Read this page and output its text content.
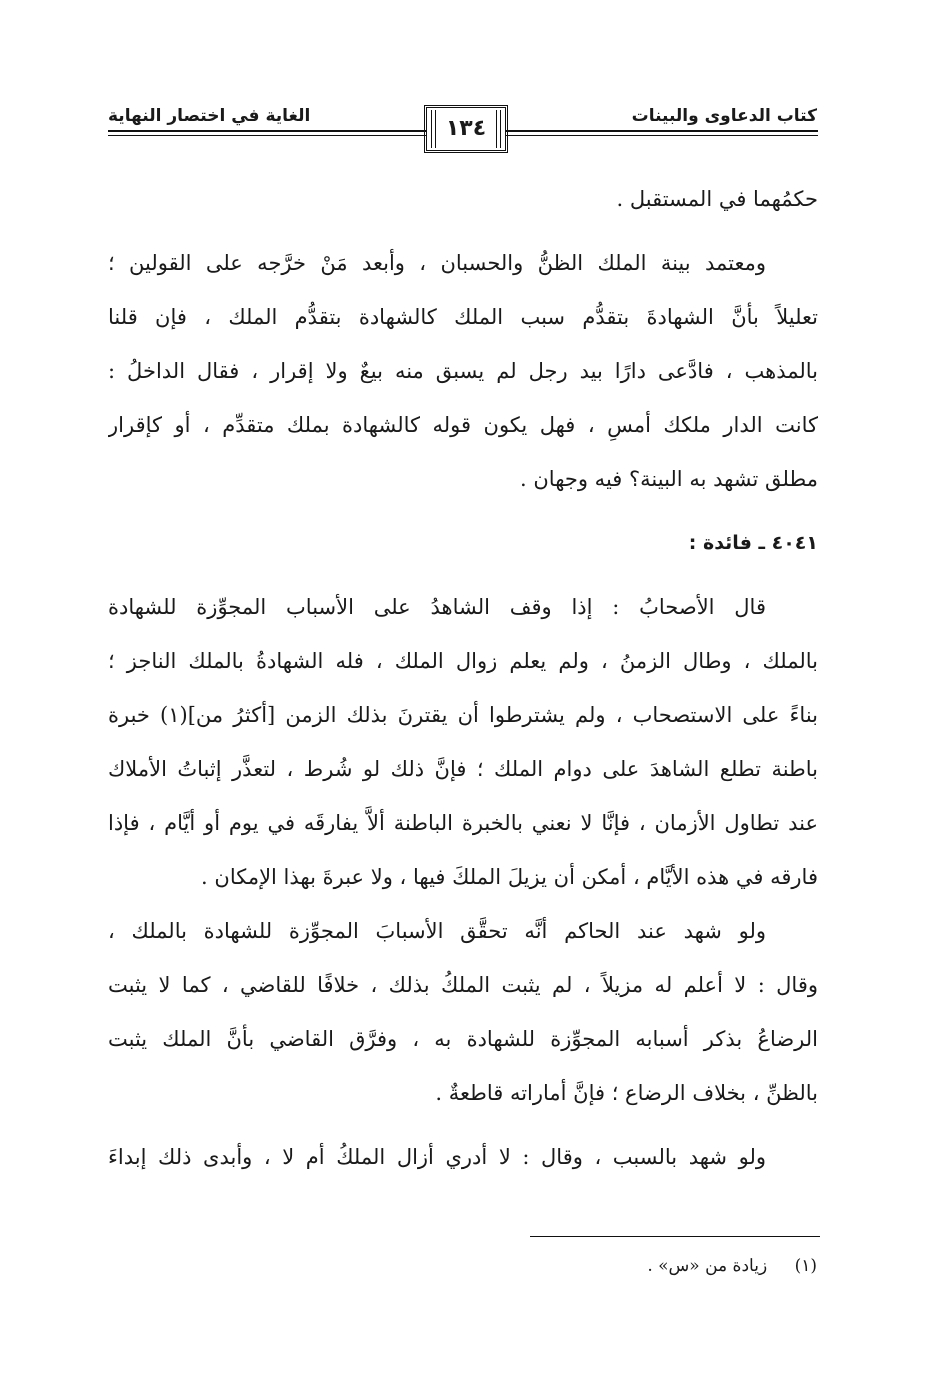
كتاب الدعاوى والبينات
الغاية في اختصار النهاية	١٣٤
حكمُهما في المستقبل .
ومعتمد بينة الملك الظنُّ والحسبان ، وأبعد مَنْ خرَّجه على القولين ؛
تعليلاً بأنَّ الشهادةَ بتقدُّم سبب الملك كالشهادة بتقدُّم الملك ، فإن قلنا
بالمذهب ، فادَّعى دارًا بيد رجل لم يسبق منه بيعٌ ولا إقرار ، فقال الداخلُ :
كانت الدار ملكك أمسِ ، فهل يكون قوله كالشهادة بملك متقدِّم ، أو كإقرار
مطلق تشهد به البينة؟ فيه وجهان .
٤٠٤١ ـ فائدة :
قال الأصحابُ : إذا وقف الشاهدُ على الأسباب المجوِّزة للشهادة
بالملك ، وطال الزمنُ ، ولم يعلم زوال الملك ، فله الشهادةُ بالملك الناجز ؛
بناءً على الاستصحاب ، ولم يشترطوا أن يقترنَ بذلك الزمن [أكثرُ من](١) خبرة
باطنة تطلع الشاهدَ على دوام الملك ؛ فإنَّ ذلك لو شُرط ، لتعذَّر إثباتُ الأملاك
عند تطاول الأزمان ، فإنَّا لا نعني بالخبرة الباطنة ألاَّ يفارقَه في يوم أو أيَّام ، فإذا
فارقه في هذه الأيَّام ، أمكن أن يزيلَ الملكَ فيها ، ولا عبرةَ بهذا الإمكان .
ولو شهد عند الحاكم أنَّه تحقَّق الأسبابَ المجوِّزة للشهادة بالملك ،
وقال : لا أعلم له مزيلاً ، لم يثبت الملكُ بذلك ، خلافًا للقاضي ، كما لا يثبت
الرضاعُ بذكر أسبابه المجوِّزة للشهادة به ، وفرَّق القاضي بأنَّ الملك يثبت
بالظنِّ ، بخلاف الرضاع ؛ فإنَّ أماراته قاطعةٌ .
ولو شهد بالسبب ، وقال : لا أدري أزال الملكُ أم لا ، وأبدى ذلك إبداءَ
(١) زيادة من «س» .
